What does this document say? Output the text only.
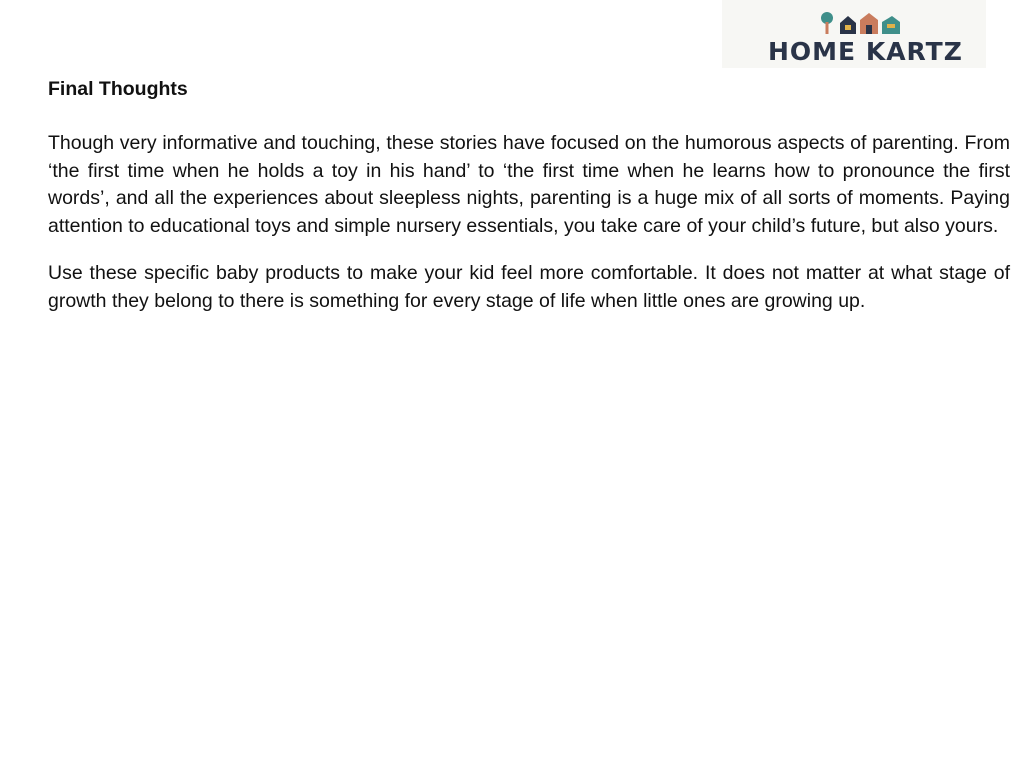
HOME KARTZ
Final Thoughts

Though very informative and touching, these stories have focused on the humorous aspects of parenting. From ‘the first time when he holds a toy in his hand’ to ‘the first time when he learns how to pronounce the first words’, and all the experiences about sleepless nights, parenting is a huge mix of all sorts of moments. Paying attention to educational toys and simple nursery essentials, you take care of your child’s future, but also yours.

Use these specific baby products to make your kid feel more comfortable. It does not matter at what stage of growth they belong to there is something for every stage of life when little ones are growing up.
